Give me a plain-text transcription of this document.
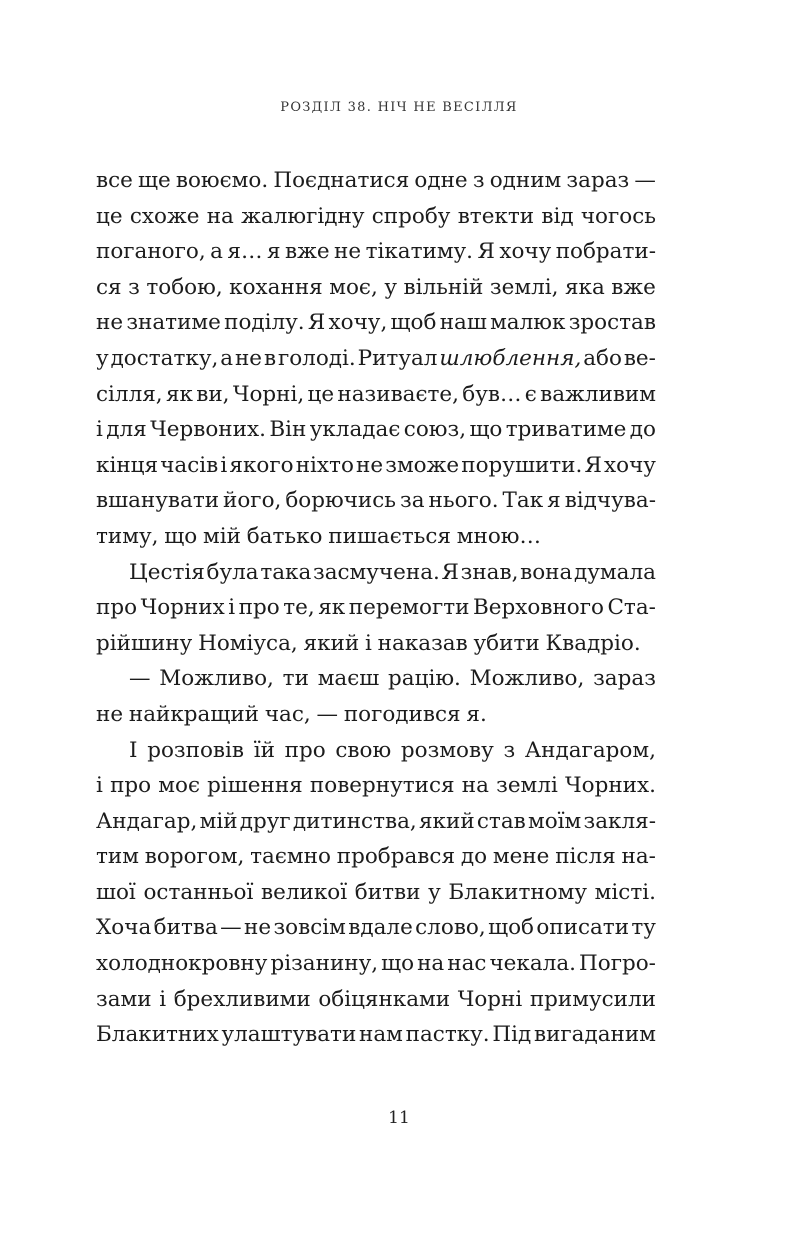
РОЗДІЛ 38. НІЧ НЕ ВЕСІЛЛЯ
все ще воюємо. Поєднатися одне з одним зараз —
це схоже на жалюгідну спробу втекти від чогось
поганого, а я… я вже не тікатиму. Я хочу побрати-
ся з тобою, кохання моє, у вільній землі, яка вже
не знатиме поділу. Я хочу, щоб наш малюк зростав
у достатку, а не в голоді. Ритуал шлюблення, або ве-
сілля, як ви, Чорні, це називаєте, був… є важливим
і для Червоних. Він укладає союз, що триватиме до
кінця часів і якого ніхто не зможе порушити. Я хочу
вшанувати його, борючись за нього. Так я відчува-
тиму, що мій батько пишається мною…
Цестія була така засмучена. Я знав, вона думала
про Чорних і про те, як перемогти Верховного Ста-
рійшину Номіуса, який і наказав убити Квадріо.
— Можливо, ти маєш рацію. Можливо, зараз
не найкращий час, — погодився я.
І розповів їй про свою розмову з Андагаром,
і про моє рішення повернутися на землі Чорних.
Андагар, мій друг дитинства, який став моїм закля-
тим ворогом, таємно пробрався до мене після на-
шої останньої великої битви у Блакитному місті.
Хоча битва — не зовсім вдале слово, щоб описати ту
холоднокровну різанину, що на нас чекала. Погро-
зами і брехливими обіцянками Чорні примусили
Блакитних улаштувати нам пастку. Під вигаданим
11
